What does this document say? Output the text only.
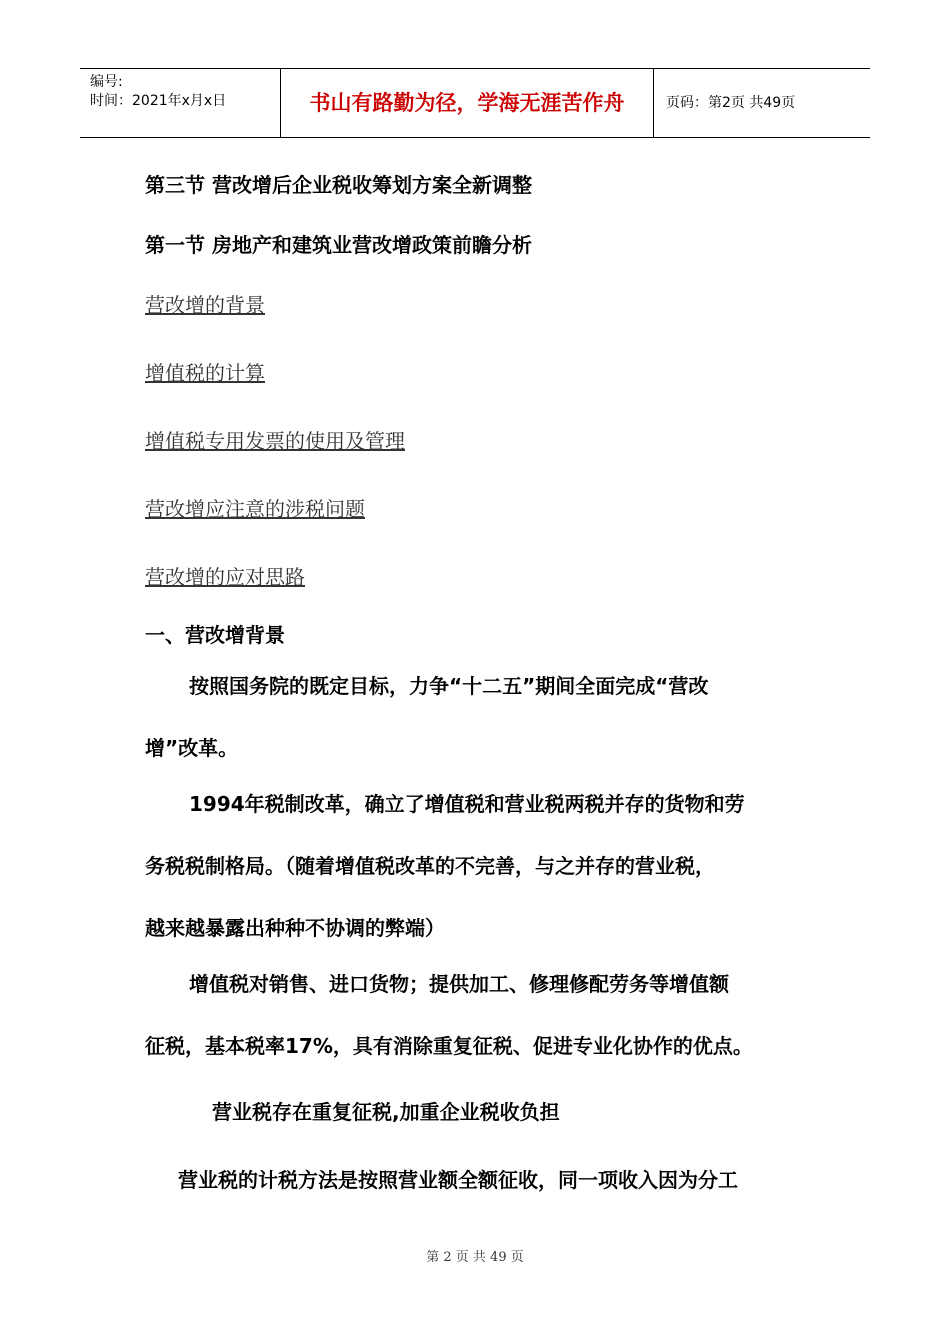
编号:
时间：2021年x月x日	书山有路勤为径，学海无涯苦作舟	页码：第2页 共49页
第三节 营改增后企业税收筹划方案全新调整
第一节 房地产和建筑业营改增政策前瞻分析
营改增的背景
增值税的计算
增值税专用发票的使用及管理
营改增应注意的涉税问题
营改增的应对思路
一、营改增背景
按照国务院的既定目标，力争“十二五”期间全面完成“营改
增”改革。
1994年税制改革，确立了增值税和营业税两税并存的货物和劳
务税税制格局。（随着增值税改革的不完善，与之并存的营业税，
越来越暴露出种种不协调的弊端）
增值税对销售、进口货物；提供加工、修理修配劳务等增值额
征税，基本税率17%，具有消除重复征税、促进专业化协作的优点。
营业税存在重复征税,加重企业税收负担
营业税的计税方法是按照营业额全额征收，同一项收入因为分工
第 2 页 共 49 页
